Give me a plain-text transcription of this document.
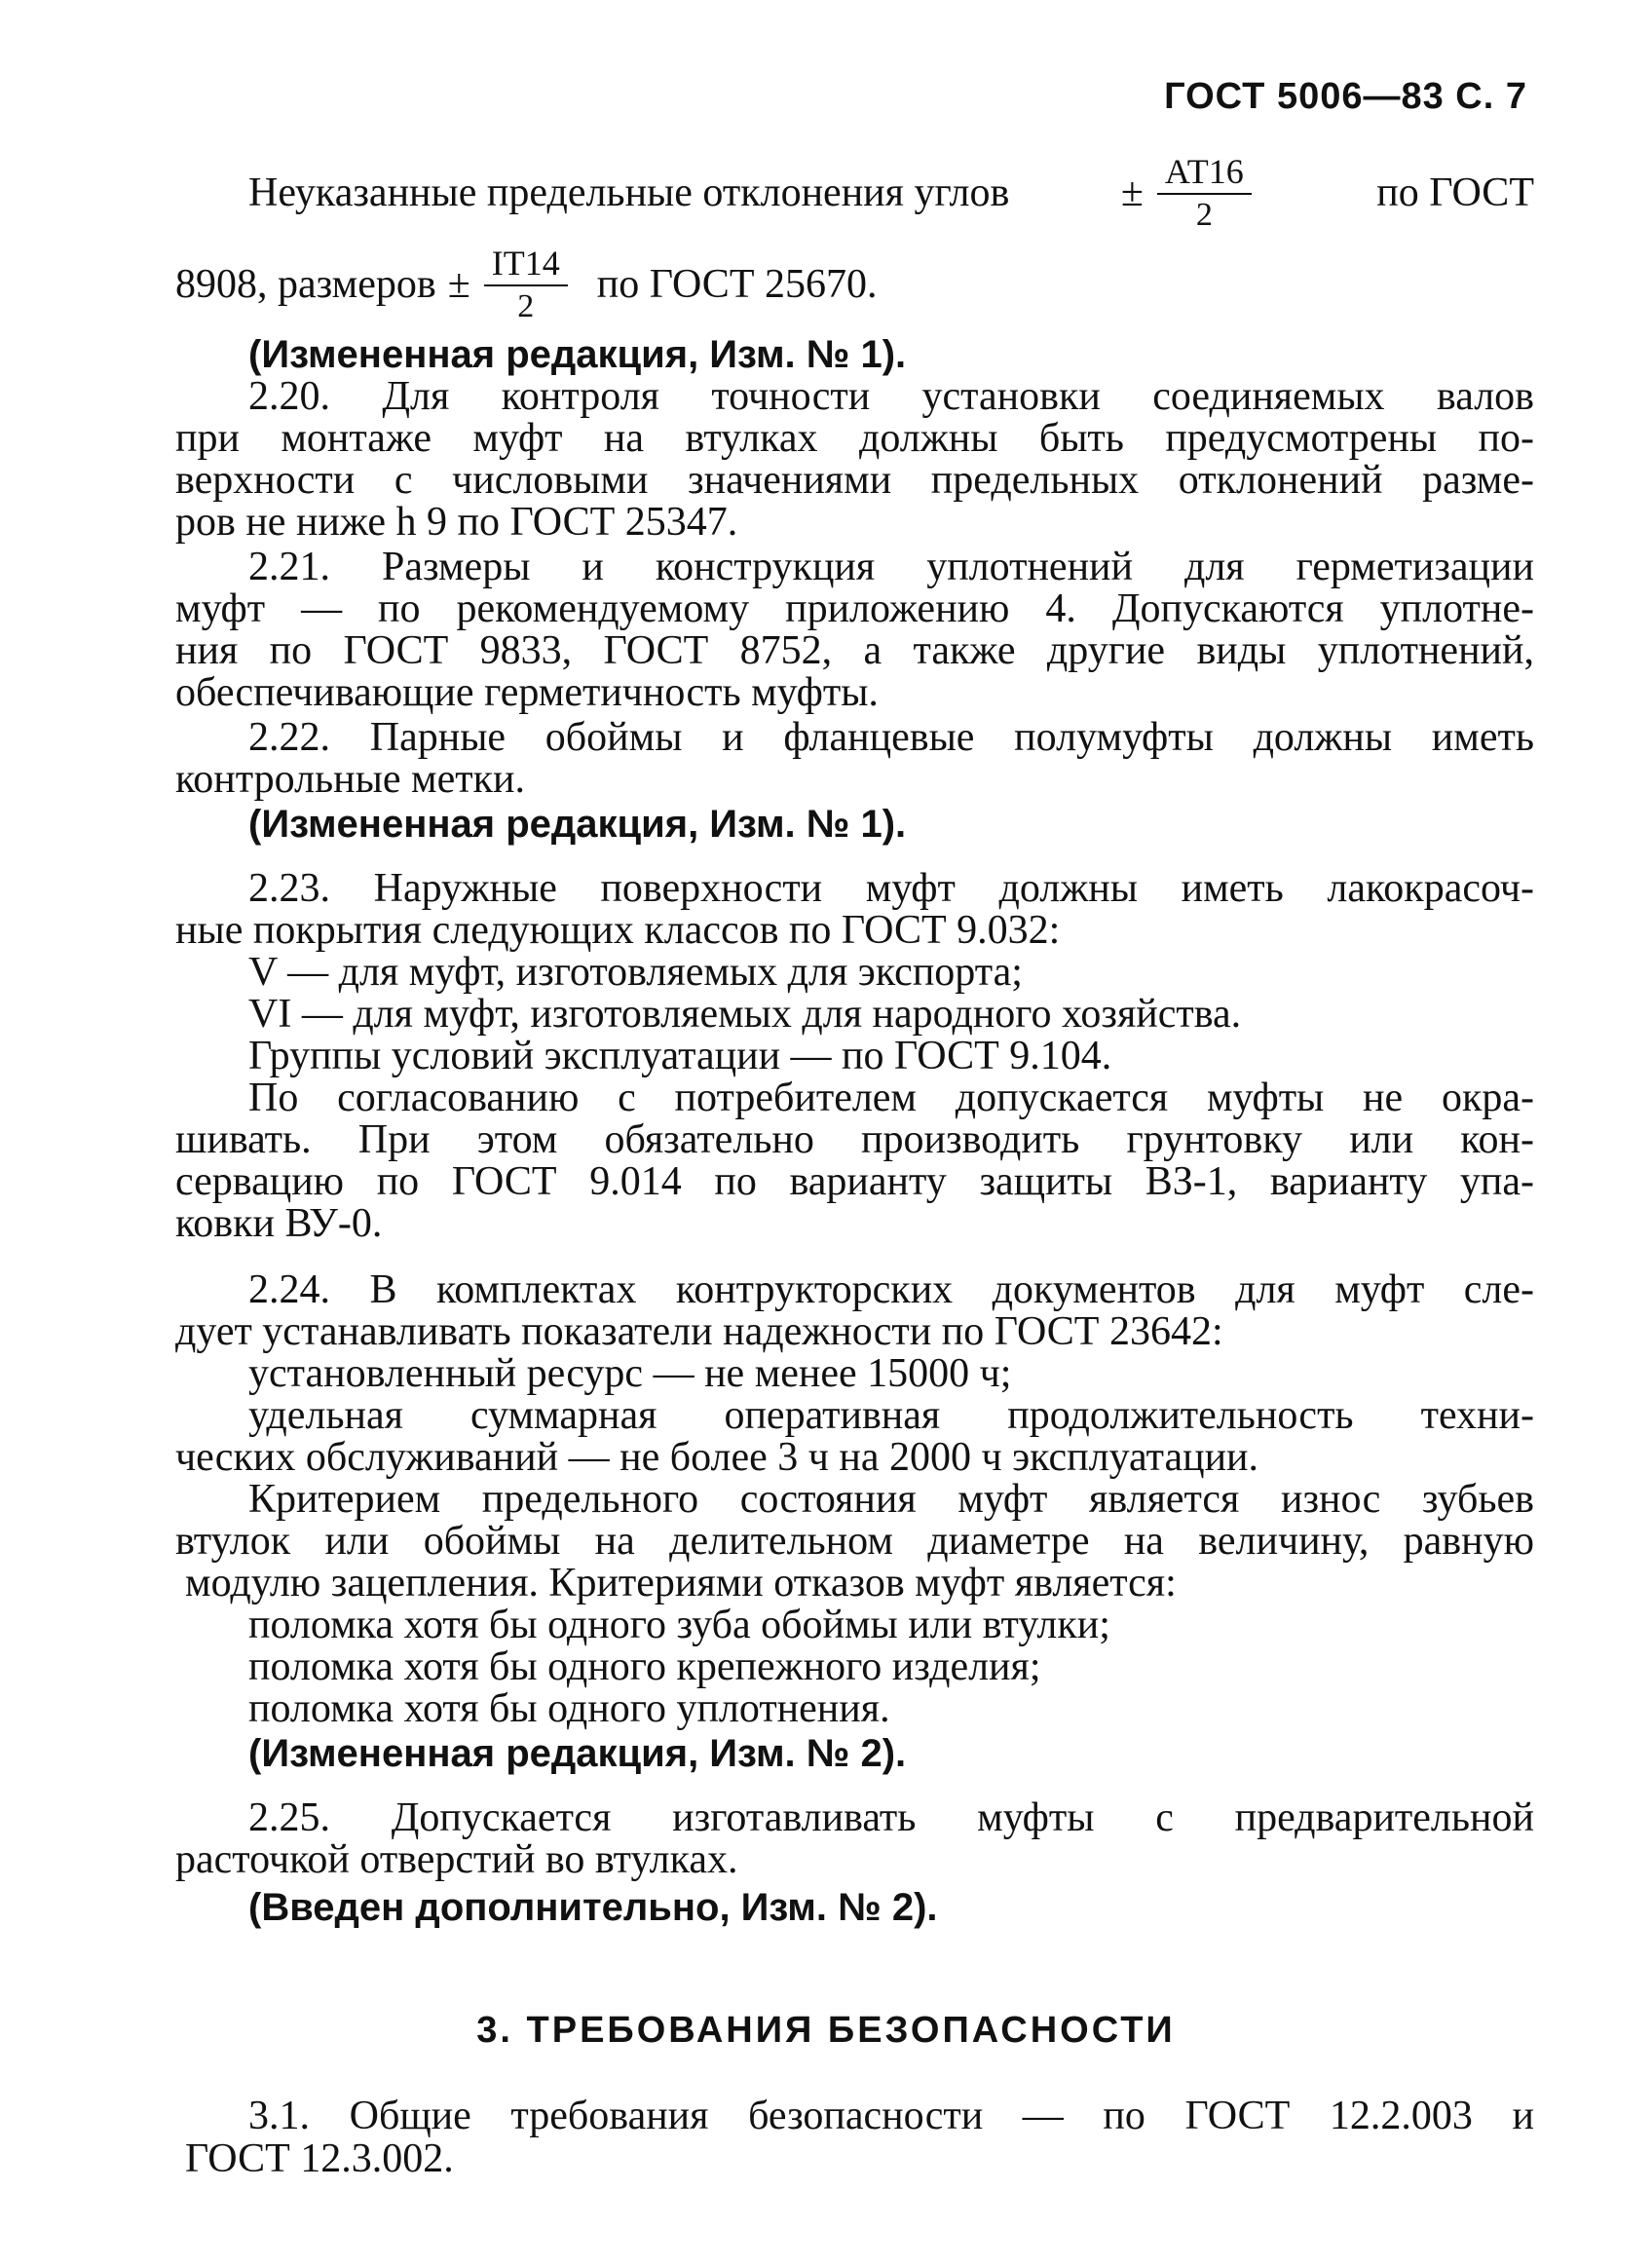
ГОСТ 5006—83 С. 7
Неуказанные предельные отклонения углов	± $\frac{АТ16}{2}$	по ГОСТ
8908, размеров ± $\frac{IT14}{2}$ по ГОСТ 25670.
(Измененная редакция, Изм. № 1).
2.20. Для контроля точности установки соединяемых валов
при монтаже муфт на втулках должны быть предусмотрены по-
верхности с числовыми значениями предельных отклонений разме-
ров не ниже h 9 по ГОСТ 25347.
2.21. Размеры и конструкция уплотнений для герметизации
муфт — по рекомендуемому приложению 4. Допускаются уплотне-
ния по ГОСТ 9833, ГОСТ 8752, а также другие виды уплотнений,
обеспечивающие герметичность муфты.
2.22. Парные обоймы и фланцевые полумуфты должны иметь
контрольные метки.
(Измененная редакция, Изм. № 1).
2.23. Наружные поверхности муфт должны иметь лакокрасоч-
ные покрытия следующих классов по ГОСТ 9.032:
V — для муфт, изготовляемых для экспорта;
VI — для муфт, изготовляемых для народного хозяйства.
Группы условий эксплуатации — по ГОСТ 9.104.
По согласованию с потребителем допускается муфты не окра-
шивать. При этом обязательно производить грунтовку или кон-
сервацию по ГОСТ 9.014 по варианту защиты ВЗ-1, варианту упа-
ковки ВУ-0.
2.24. В комплектах контрукторских документов для муфт сле-
дует устанавливать показатели надежности по ГОСТ 23642:
установленный ресурс — не менее 15000 ч;
удельная суммарная оперативная продолжительность техни-
ческих обслуживаний — не более 3 ч на 2000 ч эксплуатации.
Критерием предельного состояния муфт является износ зубьев
втулок или обоймы на делительном диаметре на величину, равную
модулю зацепления. Критериями отказов муфт является:
поломка хотя бы одного зуба обоймы или втулки;
поломка хотя бы одного крепежного изделия;
поломка хотя бы одного уплотнения.
(Измененная редакция, Изм. № 2).
2.25. Допускается изготавливать муфты с предварительной
расточкой отверстий во втулках.
(Введен дополнительно, Изм. № 2).
3. ТРЕБОВАНИЯ БЕЗОПАСНОСТИ
3.1. Общие требования безопасности — по ГОСТ 12.2.003 и
ГОСТ 12.3.002.
